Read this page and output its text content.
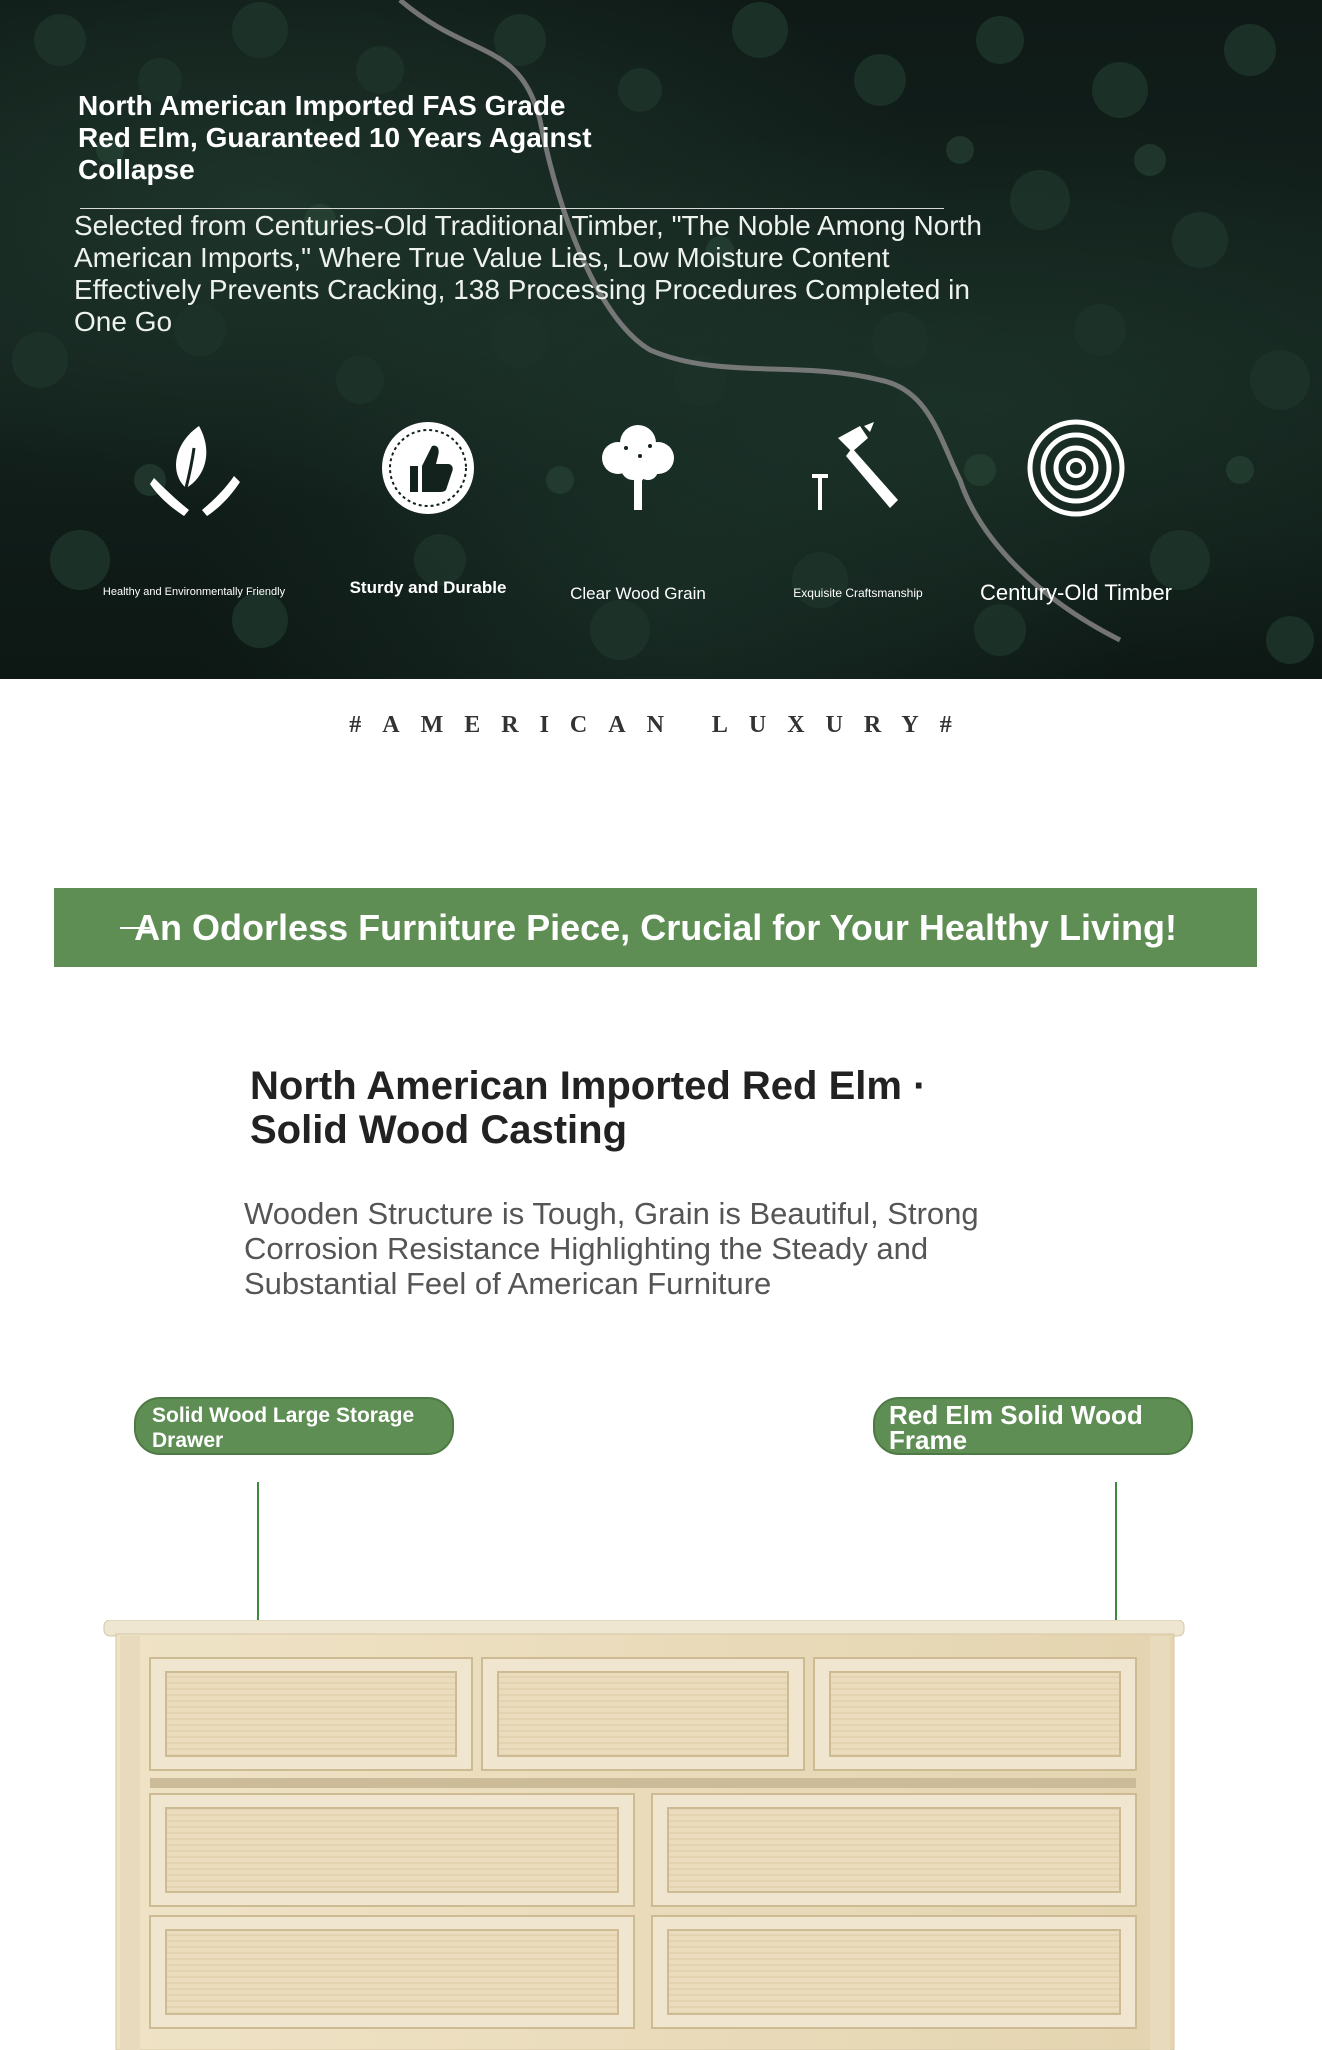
North American Imported FAS Grade Red Elm, Guaranteed 10 Years Against Collapse
Selected from Centuries-Old Traditional Timber, "The Noble Among North American Imports," Where True Value Lies, Low Moisture Content Effectively Prevents Cracking, 138 Processing Procedures Completed in One Go
Healthy and Environmentally Friendly	Sturdy and Durable	Clear Wood Grain	Exquisite Craftsmanship	Century-Old Timber
#AMERICAN LUXURY#
An Odorless Furniture Piece, Crucial for Your Healthy Living!
North American Imported Red Elm · Solid Wood Casting
Wooden Structure is Tough, Grain is Beautiful, Strong Corrosion Resistance Highlighting the Steady and Substantial Feel of American Furniture
Solid Wood Large Storage Drawer
Red Elm Solid Wood Frame
